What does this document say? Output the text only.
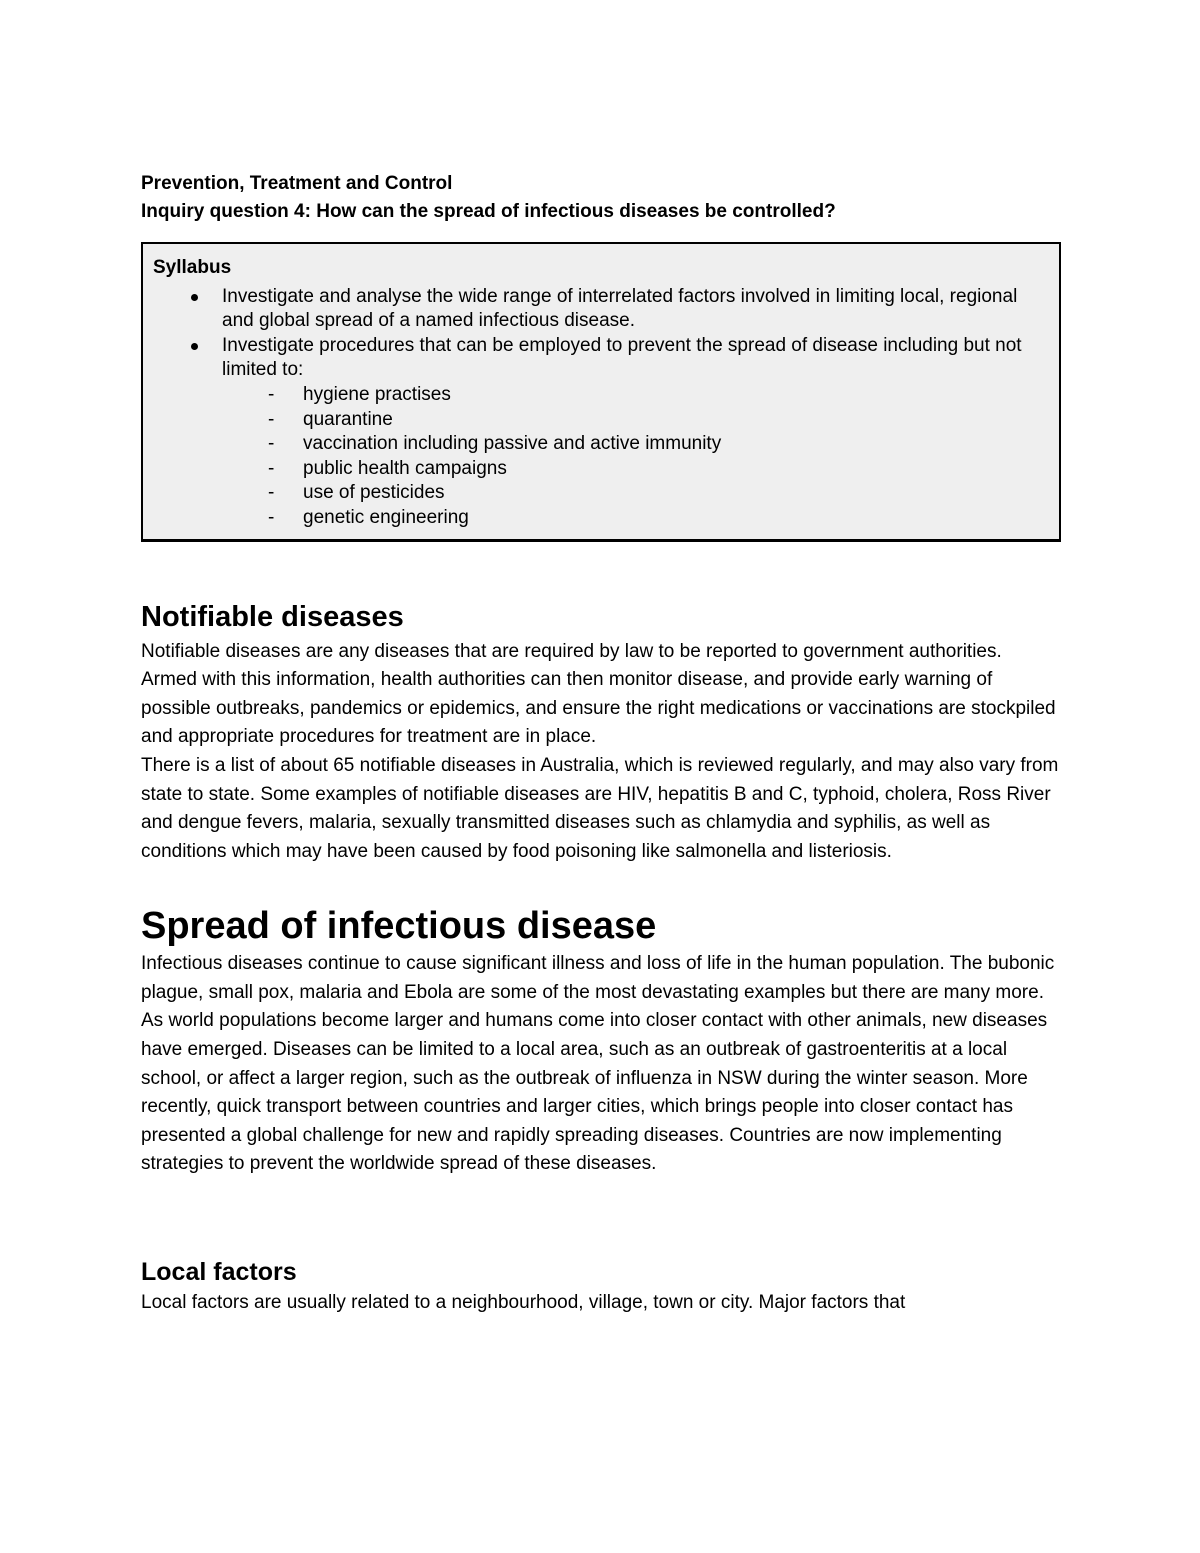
Prevention, Treatment and Control

Inquiry question 4: How can the spread of infectious diseases be controlled?

Syllabus

Investigate and analyse the wide range of interrelated factors involved in limiting local, regional and global spread of a named infectious disease.
Investigate procedures that can be employed to prevent the spread of disease including but not limited to:
- hygiene practises
- quarantine
- vaccination including passive and active immunity
- public health campaigns
- use of pesticides
- genetic engineering
Notifiable diseases

Notifiable diseases are any diseases that are required by law to be reported to government authorities. Armed with this information, health authorities can then monitor disease, and provide early warning of possible outbreaks, pandemics or epidemics, and ensure the right medications or vaccinations are stockpiled and appropriate procedures for treatment are in place.

There is a list of about 65 notifiable diseases in Australia, which is reviewed regularly, and may also vary from state to state. Some examples of notifiable diseases are HIV, hepatitis B and C, typhoid, cholera, Ross River and dengue fevers, malaria, sexually transmitted diseases such as chlamydia and syphilis, as well as conditions which may have been caused by food poisoning like salmonella and listeriosis.

Spread of infectious disease

Infectious diseases continue to cause significant illness and loss of life in the human population. The bubonic plague, small pox, malaria and Ebola are some of the most devastating examples but there are many more. As world populations become larger and humans come into closer contact with other animals, new diseases have emerged. Diseases can be limited to a local area, such as an outbreak of gastroenteritis at a local school, or affect a larger region, such as the outbreak of influenza in NSW during the winter season. More recently, quick transport between countries and larger cities, which brings people into closer contact has presented a global challenge for new and rapidly spreading diseases. Countries are now implementing strategies to prevent the worldwide spread of these diseases.

Local factors

Local factors are usually related to a neighbourhood, village, town or city. Major factors that
